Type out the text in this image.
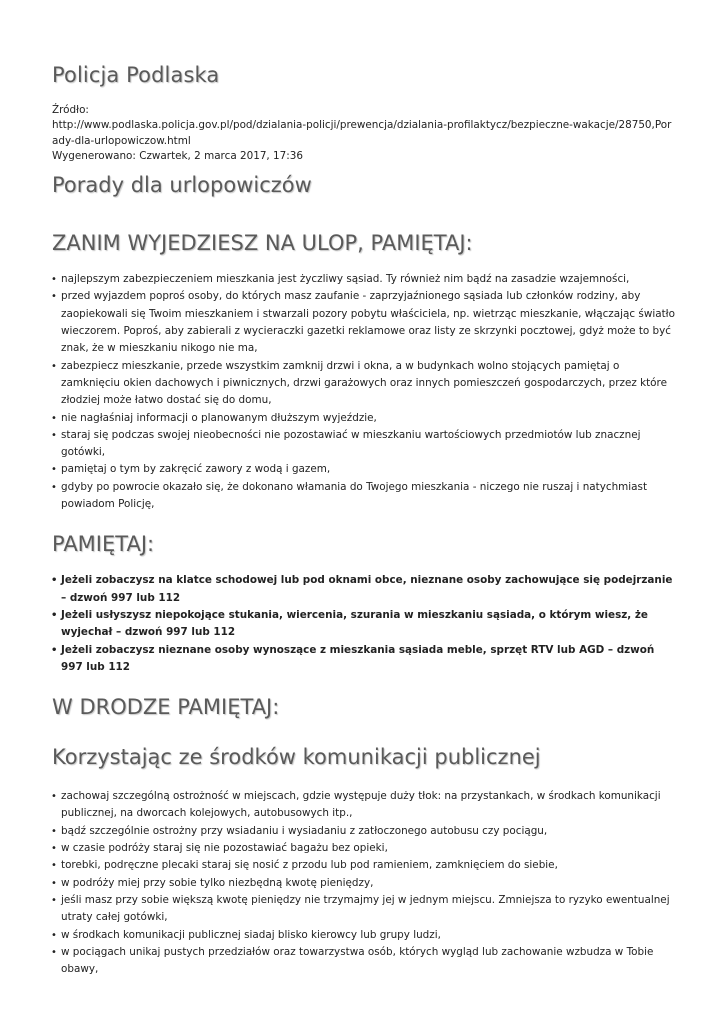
Policja Podlaska
Źródło:
http://www.podlaska.policja.gov.pl/pod/dzialania-policji/prewencja/dzialania-profilaktycz/bezpieczne-wakacje/28750,Porady-dla-urlopowiczow.html
Wygenerowano: Czwartek, 2 marca 2017, 17:36
Porady dla urlopowiczów
ZANIM WYJEDZIESZ NA ULOP, PAMIĘTAJ:
• najlepszym zabezpieczeniem mieszkania jest życzliwy sąsiad. Ty również nim bądź na zasadzie wzajemności,
• przed wyjazdem poproś osoby, do których masz zaufanie - zaprzyjaźnionego sąsiada lub członków rodziny, aby zaopiekowali się Twoim mieszkaniem i stwarzali pozory pobytu właściciela, np. wietrząc mieszkanie, włączając światło wieczorem. Poproś, aby zabierali z wycieraczki gazetki reklamowe oraz listy ze skrzynki pocztowej, gdyż może to być znak, że w mieszkaniu nikogo nie ma,
• zabezpiecz mieszkanie, przede wszystkim zamknij drzwi i okna, a w budynkach wolno stojących pamiętaj o zamknięciu okien dachowych i piwnicznych, drzwi garażowych oraz innych pomieszczeń gospodarczych, przez które złodziej może łatwo dostać się do domu,
• nie nagłaśniaj informacji o planowanym dłuższym wyjeździe,
• staraj się podczas swojej nieobecności nie pozostawiać w mieszkaniu wartościowych przedmiotów lub znacznej gotówki,
• pamiętaj o tym by zakręcić zawory z wodą i gazem,
• gdyby po powrocie okazało się, że dokonano włamania do Twojego mieszkania - niczego nie ruszaj i natychmiast powiadom Policję,
PAMIĘTAJ:
• Jeżeli zobaczysz na klatce schodowej lub pod oknami obce, nieznane osoby zachowujące się podejrzanie – dzwoń 997 lub 112
• Jeżeli usłyszysz niepokojące stukania, wiercenia, szurania w mieszkaniu sąsiada, o którym wiesz, że wyjechał – dzwoń 997 lub 112
• Jeżeli zobaczysz nieznane osoby wynoszące z mieszkania sąsiada meble, sprzęt RTV lub AGD – dzwoń 997 lub 112
W DRODZE PAMIĘTAJ:
Korzystając ze środków komunikacji publicznej
• zachowaj szczególną ostrożność w miejscach, gdzie występuje duży tłok: na przystankach, w środkach komunikacji publicznej, na dworcach kolejowych, autobusowych itp.,
• bądź szczególnie ostrożny przy wsiadaniu i wysiadaniu z zatłoczonego autobusu czy pociągu,
• w czasie podróży staraj się nie pozostawiać bagażu bez opieki,
• torebki, podręczne plecaki staraj się nosić z przodu lub pod ramieniem, zamknięciem do siebie,
• w podróży miej przy sobie tylko niezbędną kwotę pieniędzy,
• jeśli masz przy sobie większą kwotę pieniędzy nie trzymajmy jej w jednym miejscu. Zmniejsza to ryzyko ewentualnej utraty całej gotówki,
• w środkach komunikacji publicznej siadaj blisko kierowcy lub grupy ludzi,
• w pociągach unikaj pustych przedziałów oraz towarzystwa osób, których wygląd lub zachowanie wzbudza w Tobie obawy,
